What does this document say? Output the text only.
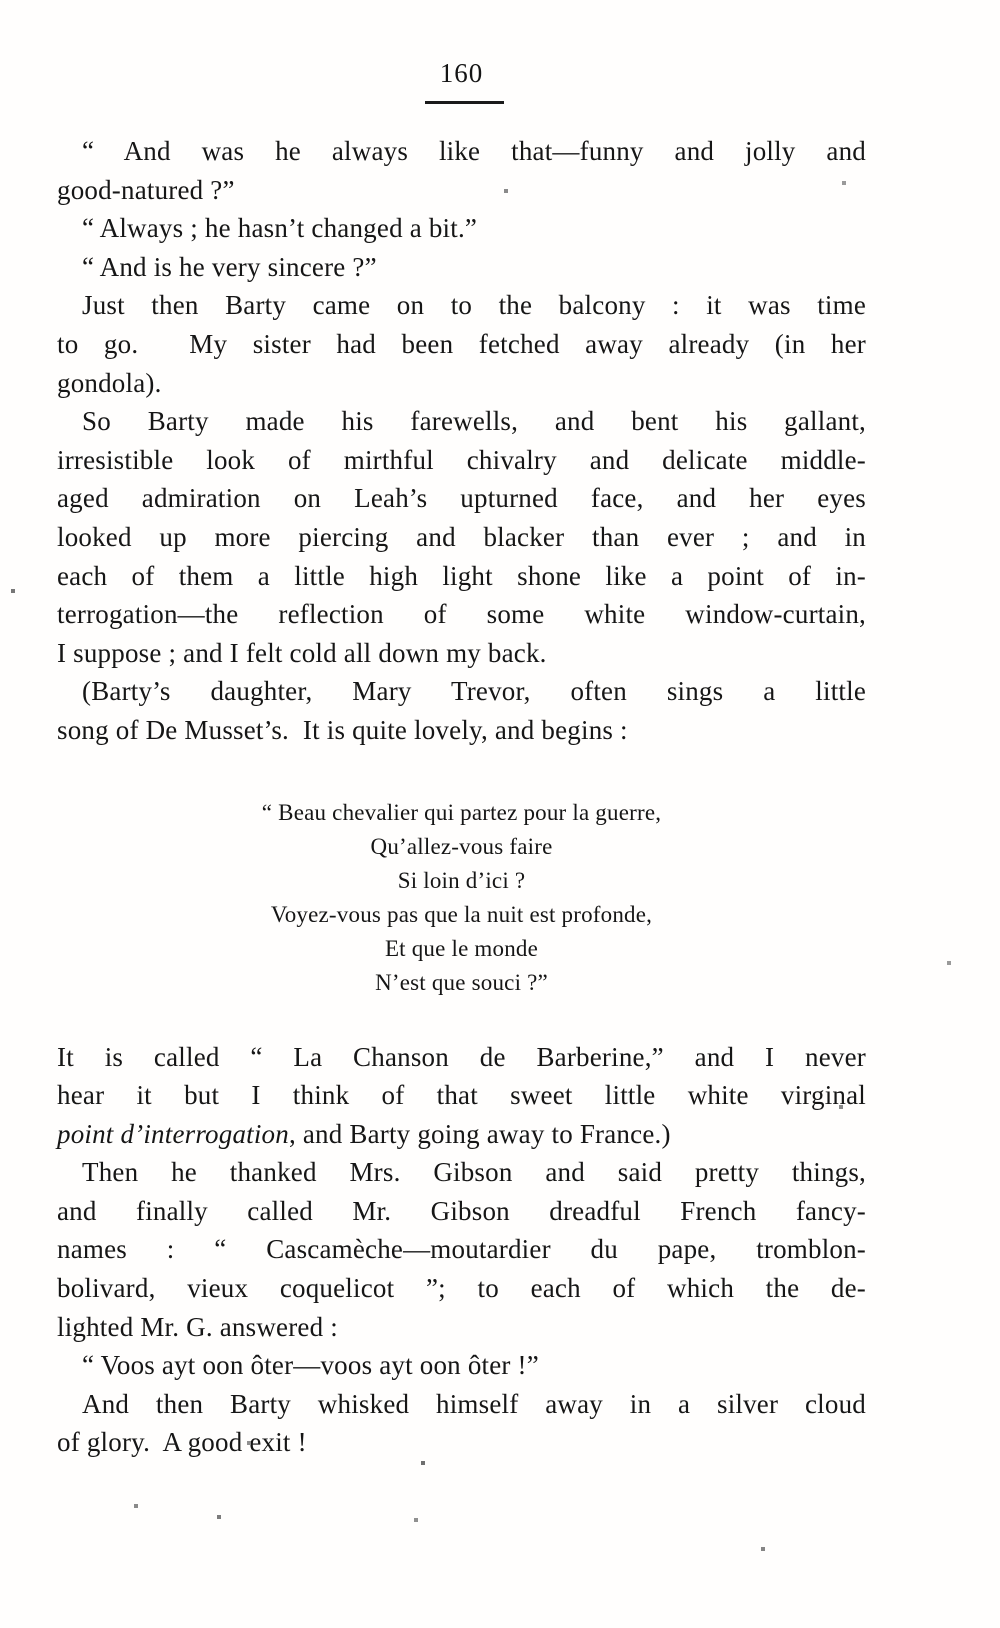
160
“ And was he always like that—funny and jolly and
good-natured ?”
“ Always ; he hasn’t changed a bit.”
“ And is he very sincere ?”
Just then Barty came on to the balcony : it was time
to go.  My sister had been fetched away already (in her
gondola).
So Barty made his farewells, and bent his gallant,
irresistible look of mirthful chivalry and delicate middle-
aged admiration on Leah’s upturned face, and her eyes
looked up more piercing and blacker than ever ; and in
each of them a little high light shone like a point of in-
terrogation—the reflection of some white window-curtain,
I suppose ; and I felt cold all down my back.
(Barty’s daughter, Mary Trevor, often sings a little
song of De Musset’s.  It is quite lovely, and begins :
“ Beau chevalier qui partez pour la guerre,
Qu’allez-vous faire
Si loin d’ici ?
Voyez-vous pas que la nuit est profonde,
Et que le monde
N’est que souci ?”
It is called “ La Chanson de Barberine,” and I never
hear it but I think of that sweet little white virginal
point d’interrogation, and Barty going away to France.)
Then he thanked Mrs. Gibson and said pretty things,
and finally called Mr. Gibson dreadful French fancy-
names : “ Cascamèche—moutardier du pape, tromblon-
bolivard, vieux coquelicot ”; to each of which the de-
lighted Mr. G. answered :
“ Voos ayt oon ôter—voos ayt oon ôter !”
And then Barty whisked himself away in a silver cloud
of glory.  A good exit !
